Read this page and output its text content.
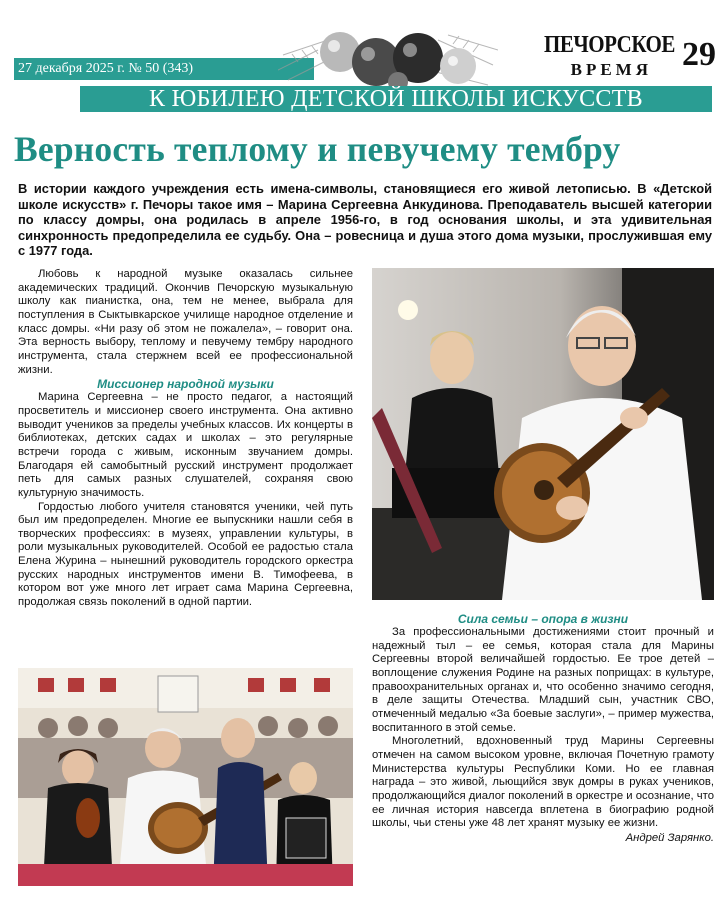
27 декабря 2025 г. № 50 (343)
ПЕЧОРСКОЕ
ВРЕМЯ 29
К ЮБИЛЕЮ ДЕТСКОЙ ШКОЛЫ ИСКУССТВ
Верность теплому и певучему тембру

В истории каждого учреждения есть имена-символы, становящиеся его живой летописью. В «Детской школе искусств» г. Печоры такое имя – Марина Сергеевна Анкудинова. Преподаватель высшей категории по классу домры, она родилась в апреле 1956-го, в год основания школы, и эта удивительная синхронность предопределила ее судьбу. Она – ровесница и душа этого дома музыки, прослужившая ему с 1977 года.

Любовь к народной музыке оказалась сильнее академических традиций. Окончив Печорскую музыкальную школу как пианистка, она, тем не менее, выбрала для поступления в Сыктывкарское училище народное отделение и класс домры. «Ни разу об этом не пожалела», – говорит она. Эта верность выбору, теплому и певучему тембру народного инструмента, стала стержнем всей ее профессиональной жизни.

Миссионер народной музыки

Марина Сергеевна – не просто педагог, а настоящий просветитель и миссионер своего инструмента. Она активно выводит учеников за пределы учебных классов. Их концерты в библиотеках, детских садах и школах – это регулярные встречи города с живым, исконным звучанием домры. Благодаря ей самобытный русский инструмент продолжает петь для самых разных слушателей, сохраняя свою культурную значимость.

Гордостью любого учителя становятся ученики, чей путь был им предопределен. Многие ее выпускники нашли себя в творческих профессиях: в музеях, управлении культуры, в роли музыкальных руководителей. Особой ее радостью стала Елена Журина – нынешний руководитель городского оркестра русских народных инструментов имени В. Тимофеева, в котором вот уже много лет играет сама Марина Сергеевна, продолжая связь поколений в одной партии.

Сила семьи – опора в жизни

За профессиональными достижениями стоит прочный и надежный тыл – ее семья, которая стала для Марины Сергеевны второй величайшей гордостью. Ее трое детей – воплощение служения Родине на разных поприщах: в культуре, правоохранительных органах и, что особенно значимо сегодня, в деле защиты Отечества. Младший сын, участник СВО, отмеченный медалью «За боевые заслуги», – пример мужества, воспитанного в этой семье.

Многолетний, вдохновенный труд Марины Сергеевны отмечен на самом высоком уровне, включая Почетную грамоту Министерства культуры Республики Коми. Но ее главная награда – это живой, льющийся звук домры в руках учеников, продолжающийся диалог поколений в оркестре и осознание, что ее личная история навсегда вплетена в биографию родной школы, чьи стены уже 48 лет хранят музыку ее жизни.

Андрей Зарянко.
